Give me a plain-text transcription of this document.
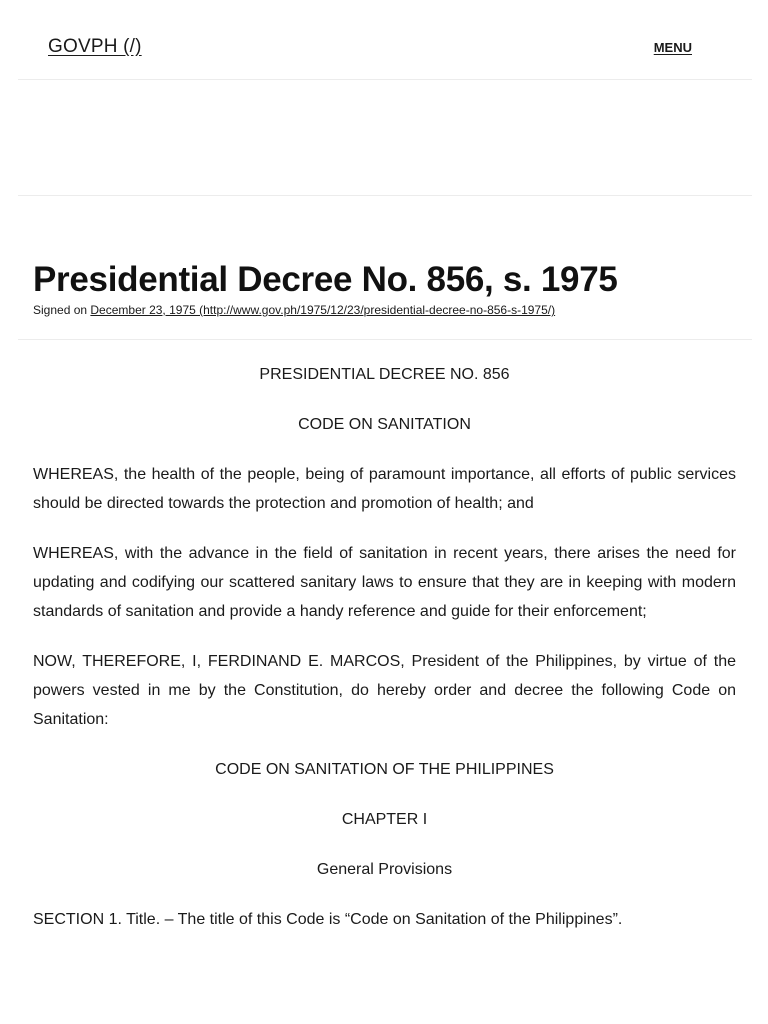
GOVPH (/)	MENU
Presidential Decree No. 856, s. 1975
Signed on December 23, 1975 (http://www.gov.ph/1975/12/23/presidential-decree-no-856-s-1975/)

PRESIDENTIAL DECREE NO. 856

CODE ON SANITATION

WHEREAS, the health of the people, being of paramount importance, all efforts of public services should be directed towards the protection and promotion of health; and

WHEREAS, with the advance in the field of sanitation in recent years, there arises the need for updating and codifying our scattered sanitary laws to ensure that they are in keeping with modern standards of sanitation and provide a handy reference and guide for their enforcement;

NOW, THEREFORE, I, FERDINAND E. MARCOS, President of the Philippines, by virtue of the powers vested in me by the Constitution, do hereby order and decree the following Code on Sanitation:

CODE ON SANITATION OF THE PHILIPPINES

CHAPTER I

General Provisions

SECTION 1. Title. – The title of this Code is “Code on Sanitation of the Philippines”.
